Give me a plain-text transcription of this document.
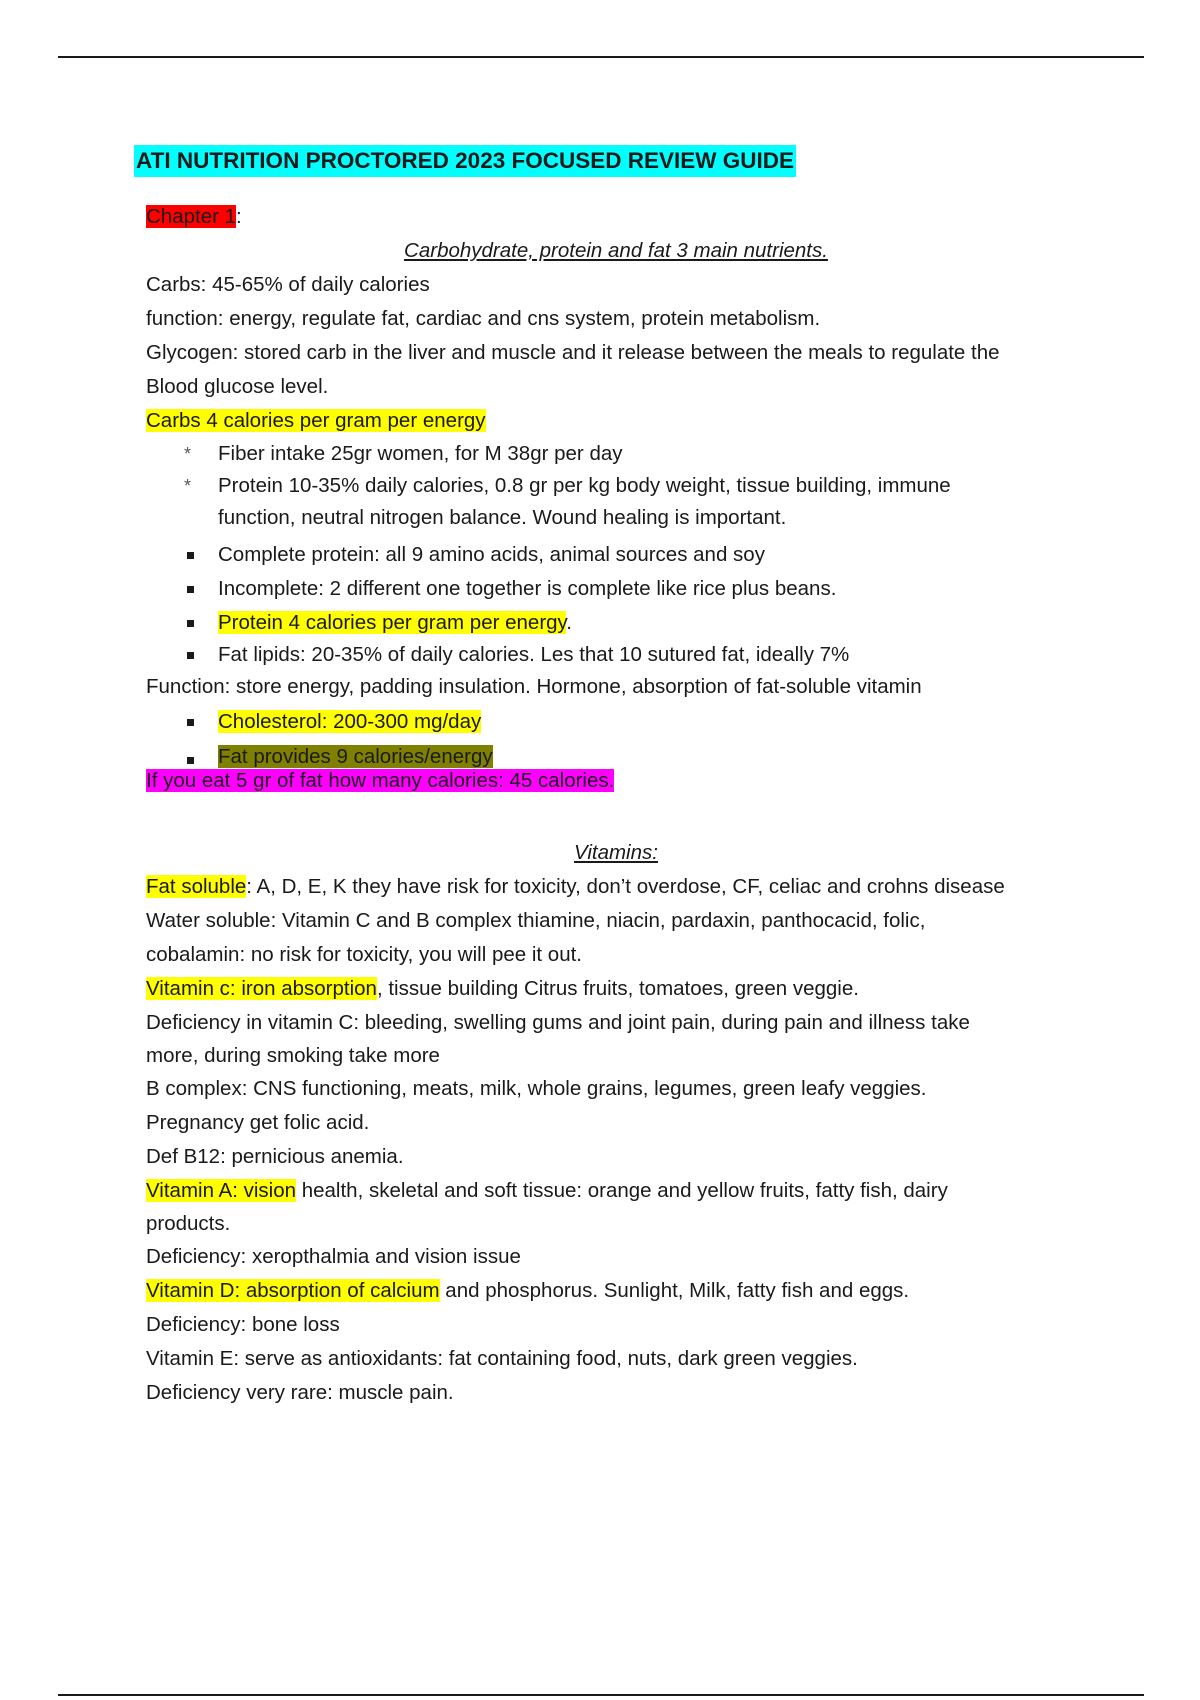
ATI NUTRITION PROCTORED 2023 FOCUSED REVIEW GUIDE
Chapter 1:
Carbohydrate, protein and fat 3 main nutrients.
Carbs: 45-65% of daily calories
function: energy, regulate fat, cardiac and cns system, protein metabolism.
Glycogen: stored carb in the liver and muscle and it release between the meals to regulate the
Blood glucose level.
Carbs 4 calories per gram per energy
* Fiber intake 25gr women, for M 38gr per day
* Protein 10-35% daily calories, 0.8 gr per kg body weight, tissue building, immune function, neutral nitrogen balance. Wound healing is important.
Complete protein: all 9 amino acids, animal sources and soy
Incomplete: 2 different one together is complete like rice plus beans.
Protein 4 calories per gram per energy.
Fat lipids: 20-35% of daily calories. Les that 10 sutured fat, ideally 7%
Function: store energy, padding insulation. Hormone, absorption of fat-soluble vitamin
Cholesterol: 200-300 mg/day
Fat provides 9 calories/energy
If you eat 5 gr of fat how many calories: 45 calories.
Vitamins:
Fat soluble: A, D, E, K they have risk for toxicity, don’t overdose, CF, celiac and crohns disease
Water soluble: Vitamin C and B complex thiamine, niacin, pardaxin, panthocacid, folic,
cobalamin: no risk for toxicity, you will pee it out.
Vitamin c: iron absorption, tissue building Citrus fruits, tomatoes, green veggie.
Deficiency in vitamin C: bleeding, swelling gums and joint pain, during pain and illness take
more, during smoking take more
B complex: CNS functioning, meats, milk, whole grains, legumes, green leafy veggies.
Pregnancy get folic acid.
Def B12: pernicious anemia.
Vitamin A: vision health, skeletal and soft tissue: orange and yellow fruits, fatty fish, dairy
products.
Deficiency: xeropthalmia and vision issue
Vitamin D: absorption of calcium and phosphorus. Sunlight, Milk, fatty fish and eggs.
Deficiency: bone loss
Vitamin E: serve as antioxidants: fat containing food, nuts, dark green veggies.
Deficiency very rare: muscle pain.
